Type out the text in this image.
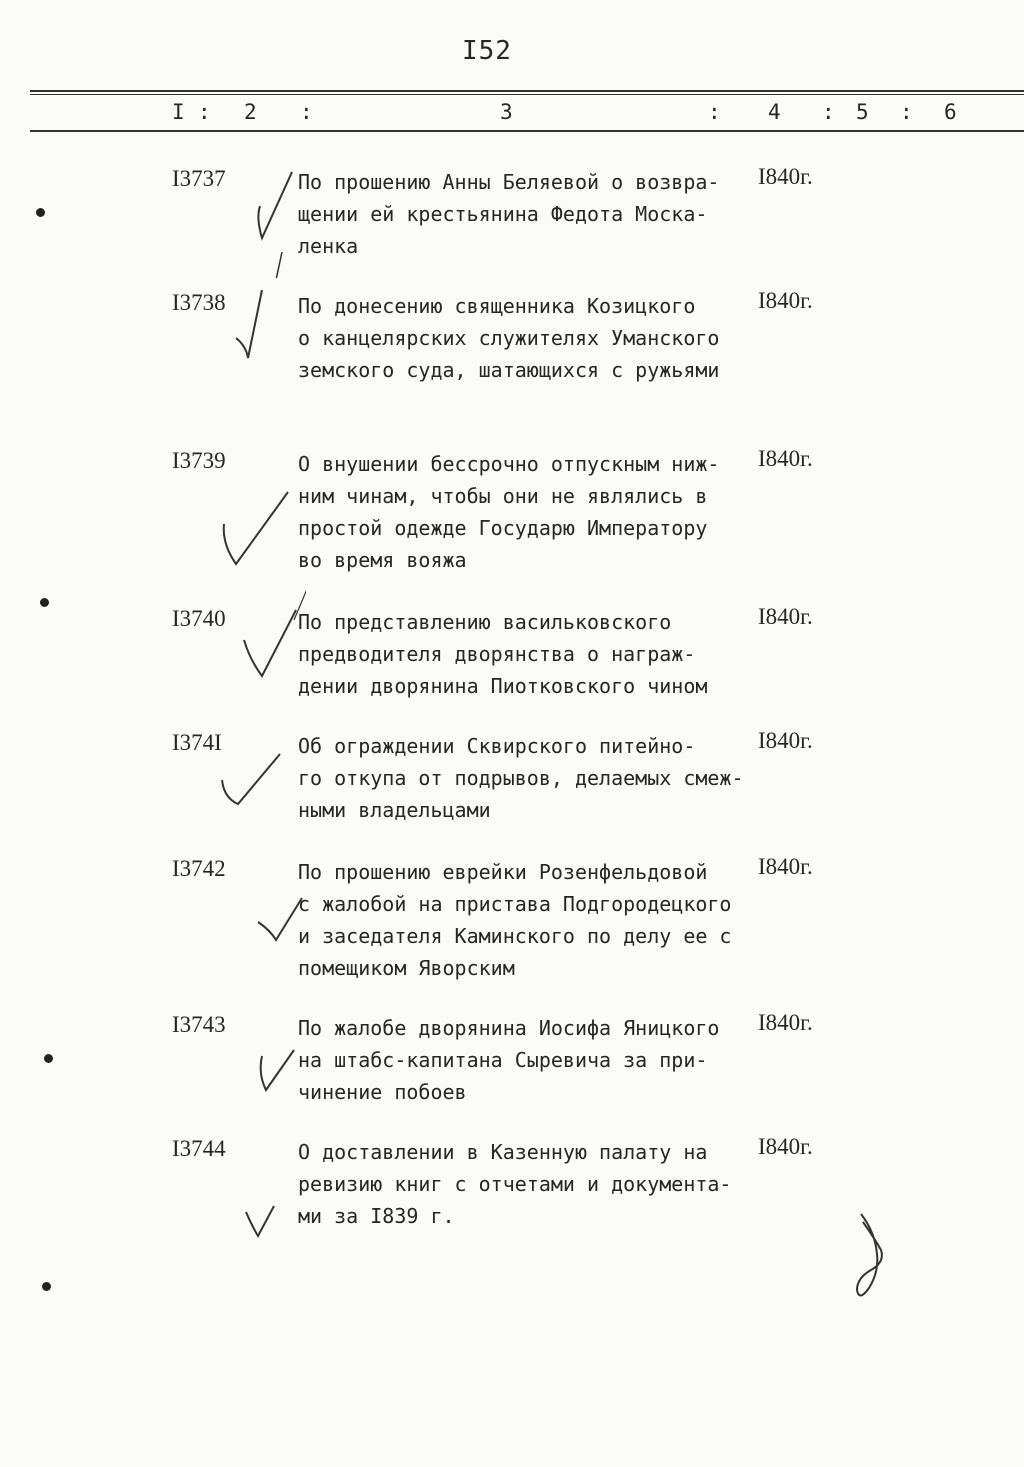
I52
I : 2 :	3	: 4 : 5 : 6
I3737	По прошению Анны Беляевой о возвра-
щении ей крестьянина Федота Моска-
ленка
I840г.
I3738	По донесению священника Козицкого
о канцелярских служителях Уманского
земского суда, шатающихся с ружьями
I840г.
I3739	О внушении бессрочно отпускным ниж-
ним чинам, чтобы они не являлись в
простой одежде Государю Императору
во время вояжа
I840г.
I3740	По представлению васильковского
предводителя дворянства о награж-
дении дворянина Пиотковского чином
I840г.
I374I	Об ограждении Сквирского питейно-
го откупа от подрывов, делаемых смеж-
ными владельцами
I840г.
I3742	По прошению еврейки Розенфельдовой
с жалобой на пристава Подгородецкого
и заседателя Каминского по делу ее с
помещиком Яворским
I840г.
I3743	По жалобе дворянина Иосифа Яницкого
на штабс-капитана Сыревича за при-
чинение побоев
I840г.
I3744	О доставлении в Казенную палату на
ревизию книг с отчетами и документа-
ми за I839 г.
I840г.
